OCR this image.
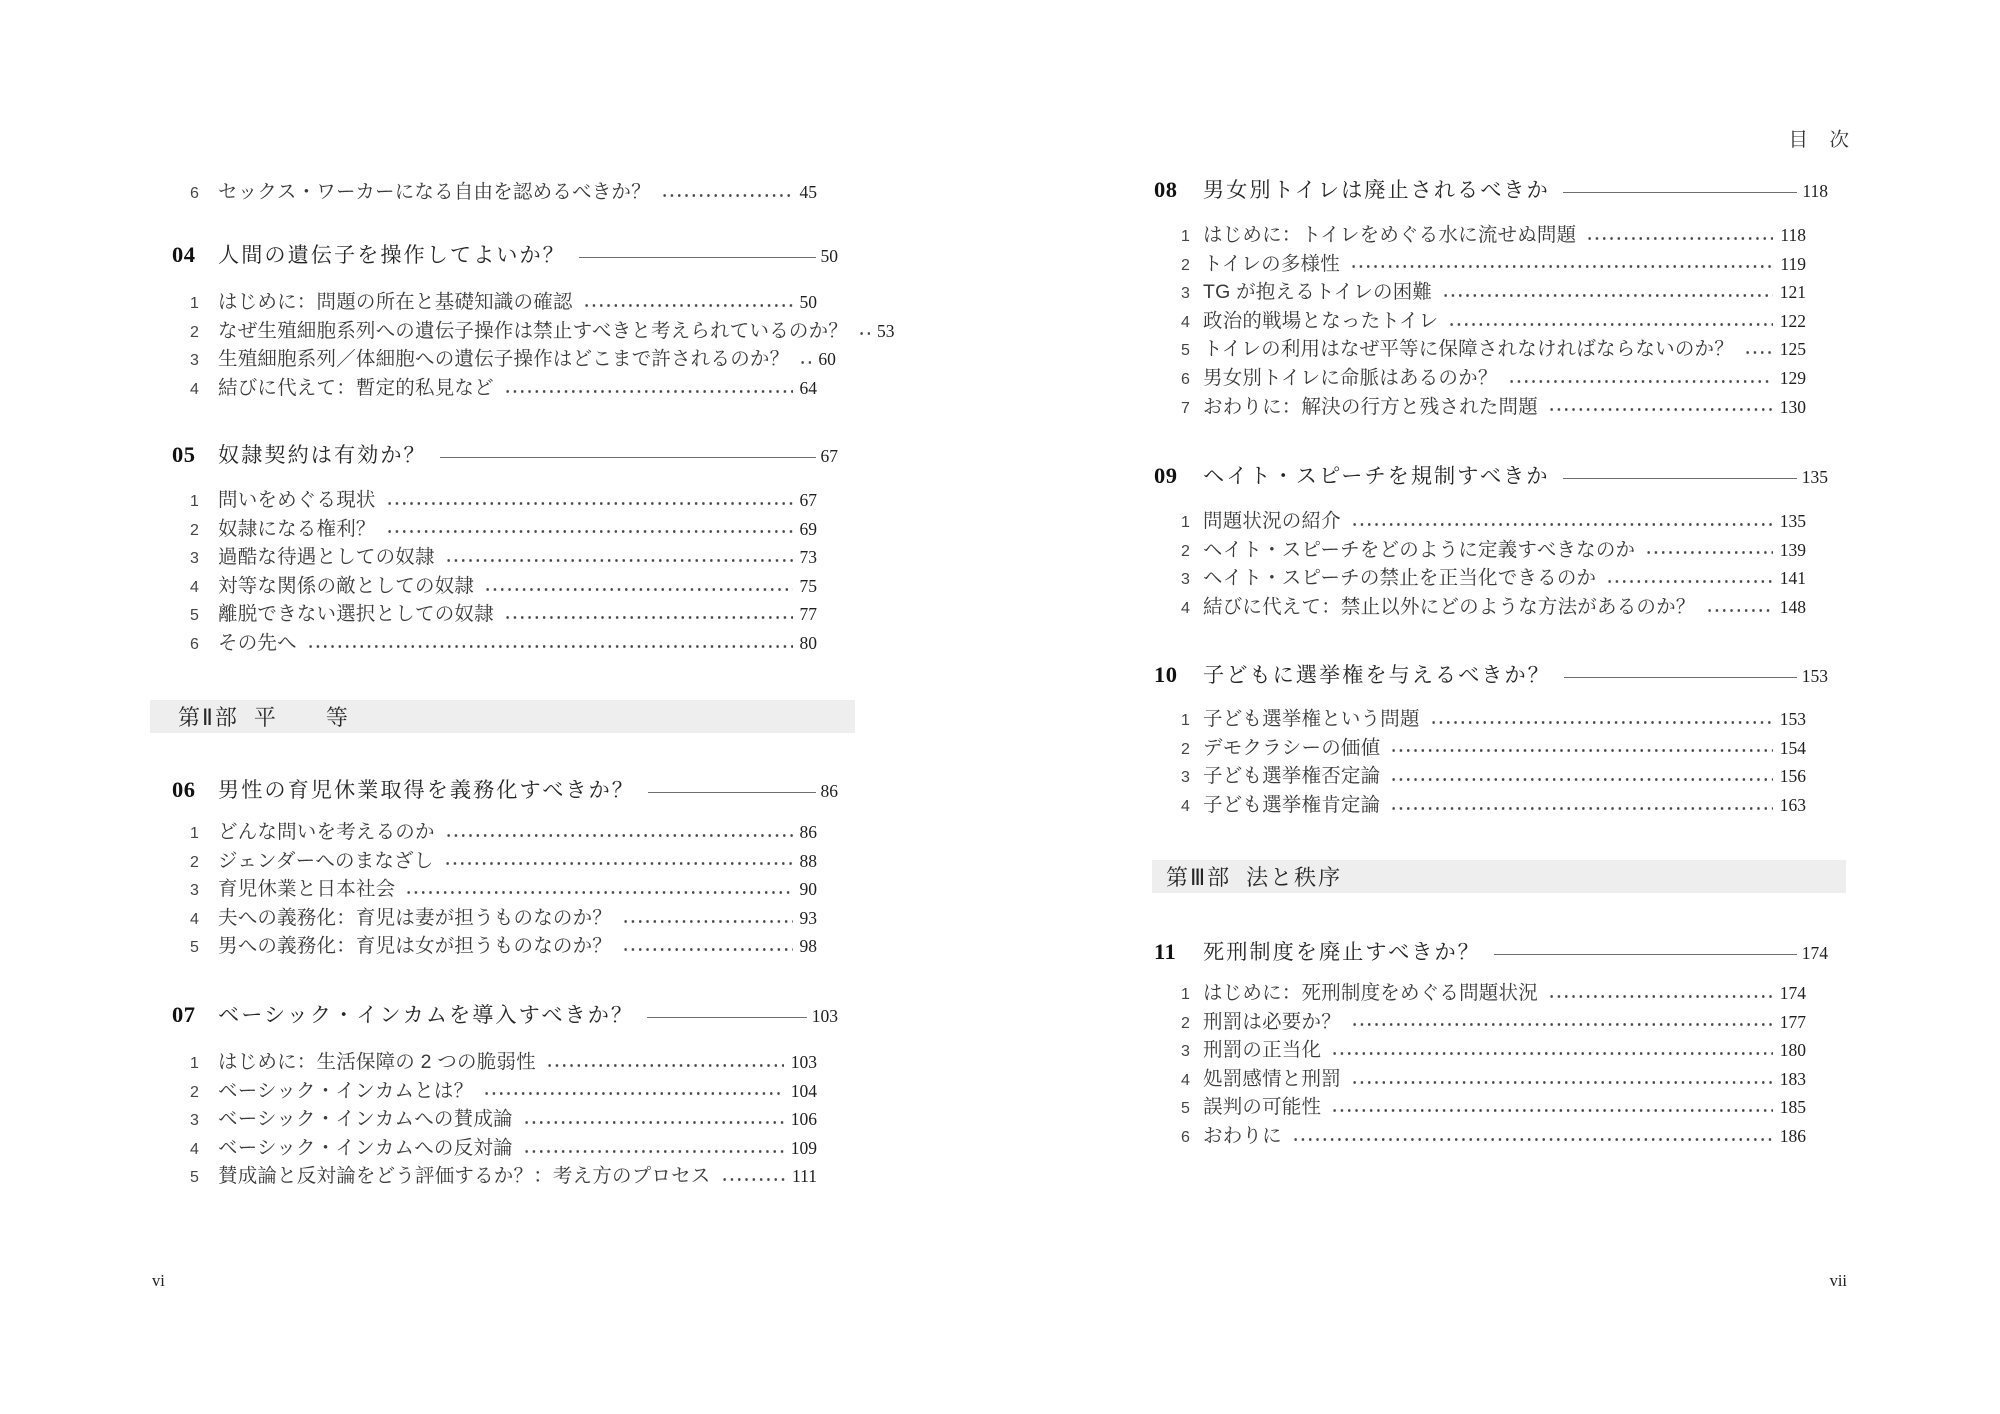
目　次
vi	vii
6 セックス・ワーカーになる自由を認めるべきか？	45
04	人間の遺伝子を操作してよいか？	50
1 はじめに：問題の所在と基礎知識の確認	50
2 なぜ生殖細胞系列への遺伝子操作は禁止すべきと考えられているのか？ 53
3 生殖細胞系列／体細胞への遺伝子操作はどこまで許されるのか？ 60
4 結びに代えて：暫定的私見など	64
05	奴隷契約は有効か？	67
1 問いをめぐる現状	67
2 奴隷になる権利？	69
3 過酷な待遇としての奴隷	73
4 対等な関係の敵としての奴隷	75
5 離脱できない選択としての奴隷	77
6 その先へ	80
第Ⅱ部 平　　等
06	男性の育児休業取得を義務化すべきか？	86
1 どんな問いを考えるのか	86
2 ジェンダーへのまなざし	88
3 育児休業と日本社会	90
4 夫への義務化：育児は妻が担うものなのか？	93
5 男への義務化：育児は女が担うものなのか？	98
07	ベーシック・インカムを導入すべきか？	103
1 はじめに：生活保障の 2 つの脆弱性	103
2 ベーシック・インカムとは？	104
3 ベーシック・インカムへの賛成論	106
4 ベーシック・インカムへの反対論	109
5 賛成論と反対論をどう評価するか？：考え方のプロセス	111
08	男女別トイレは廃止されるべきか	118
1 はじめに：トイレをめぐる水に流せぬ問題	118
2 トイレの多様性	119
3 TG が抱えるトイレの困難	121
4 政治的戦場となったトイレ	122
5 トイレの利用はなぜ平等に保障されなければならないのか？	125
6 男女別トイレに命脈はあるのか？	129
7 おわりに：解決の行方と残された問題	130
09	ヘイト・スピーチを規制すべきか	135
1 問題状況の紹介	135
2 ヘイト・スピーチをどのように定義すべきなのか	139
3 ヘイト・スピーチの禁止を正当化できるのか	141
4 結びに代えて：禁止以外にどのような方法があるのか？	148
10	子どもに選挙権を与えるべきか？	153
1 子ども選挙権という問題	153
2 デモクラシーの価値	154
3 子ども選挙権否定論	156
4 子ども選挙権肯定論	163
第Ⅲ部 法と秩序
11	死刑制度を廃止すべきか？	174
1 はじめに：死刑制度をめぐる問題状況	174
2 刑罰は必要か？	177
3 刑罰の正当化	180
4 処罰感情と刑罰	183
5 誤判の可能性	185
6 おわりに	186
